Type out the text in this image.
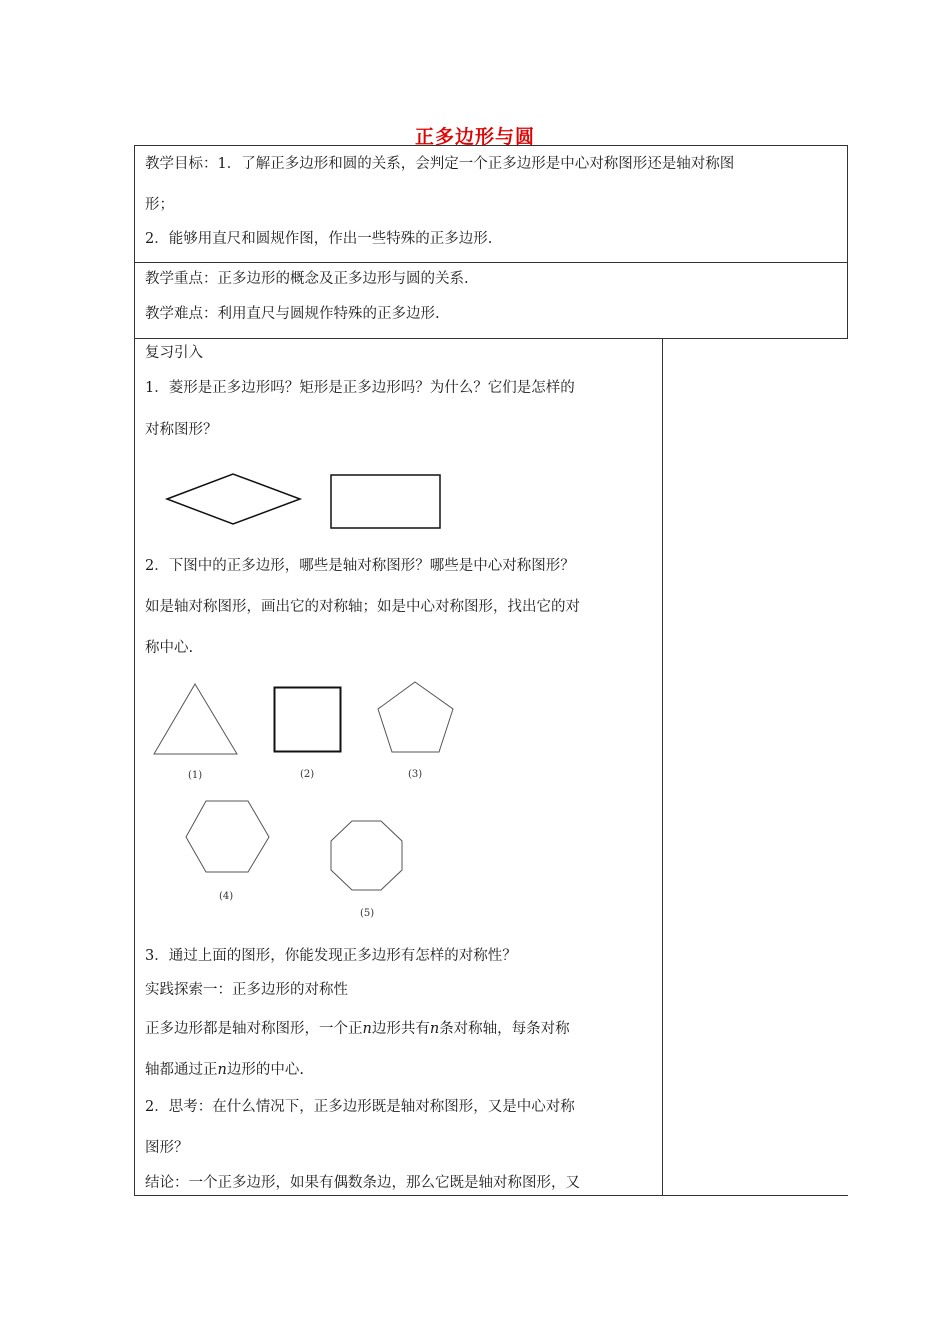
正多边形与圆
教学目标：1．了解正多边形和圆的关系，会判定一个正多边形是中心对称图形还是轴对称图
形；
2．能够用直尺和圆规作图，作出一些特殊的正多边形.
教学重点：正多边形的概念及正多边形与圆的关系.
教学难点：利用直尺与圆规作特殊的正多边形.
复习引入
1．菱形是正多边形吗？矩形是正多边形吗？为什么？它们是怎样的
对称图形？
2．下图中的正多边形，哪些是轴对称图形？哪些是中心对称图形？
如是轴对称图形，画出它的对称轴；如是中心对称图形，找出它的对
称中心.
(1)	(2)	(3)
(4)
(5)
3．通过上面的图形，你能发现正多边形有怎样的对称性？
实践探索一：正多边形的对称性
正多边形都是轴对称图形，一个正n边形共有n条对称轴，每条对称
轴都通过正n边形的中心.
2．思考：在什么情况下，正多边形既是轴对称图形，又是中心对称
图形？
结论：一个正多边形，如果有偶数条边，那么它既是轴对称图形，又
